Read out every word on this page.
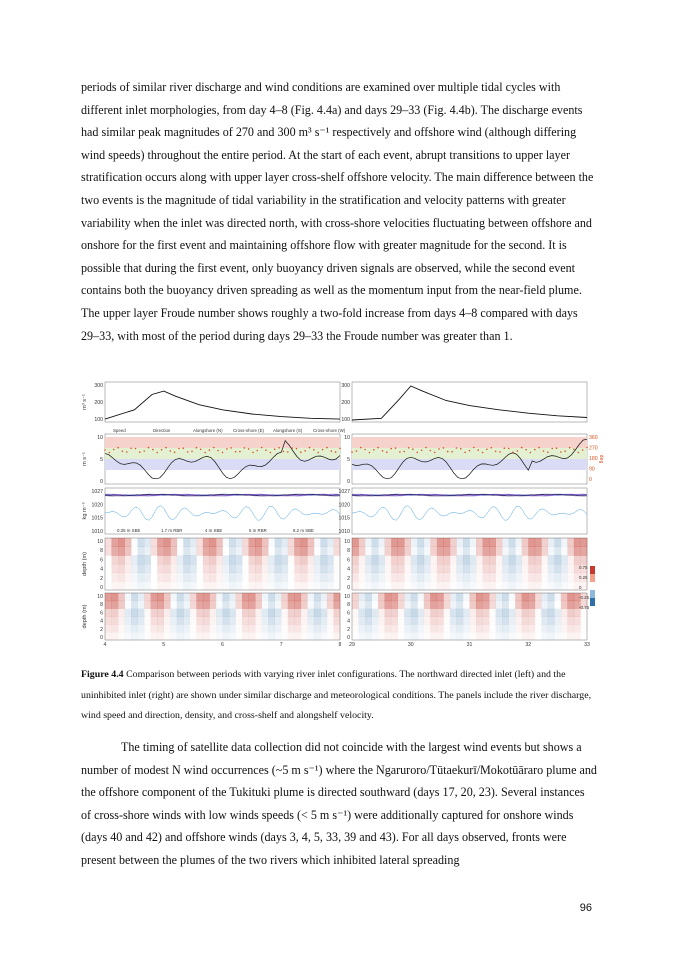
periods of similar river discharge and wind conditions are examined over multiple tidal cycles with different inlet morphologies, from day 4–8 (Fig. 4.4a) and days 29–33 (Fig. 4.4b). The discharge events had similar peak magnitudes of 270 and 300 m³ s⁻¹ respectively and offshore wind (although differing wind speeds) throughout the entire period. At the start of each event, abrupt transitions to upper layer stratification occurs along with upper layer cross-shelf offshore velocity. The main difference between the two events is the magnitude of tidal variability in the stratification and velocity patterns with greater variability when the inlet was directed north, with cross-shore velocities fluctuating between offshore and onshore for the first event and maintaining offshore flow with greater magnitude for the second. It is possible that during the first event, only buoyancy driven signals are observed, while the second event contains both the buoyancy driven spreading as well as the momentum input from the near-field plume. The upper layer Froude number shows roughly a two-fold increase from days 4–8 compared with days 29–33, with most of the period during days 29–33 the Froude number was greater than 1.

300
200
100
300
200
100
10
5
0
10
5
0
1027
1020
1015
1010
1027
1020
1015
1010
10
8
6
4
2
0
10
8
6
4
2
0
10
8
6
4
2
0
10
8
6
4
2
0
m³ s⁻¹
m s⁻¹
kg m⁻³
depth (m)
depth (m)
360
270
180
90
0
deg
Speed	Direction	Alongshore (N) Cross-shore (E) Alongshore (S) Cross-shore (W)
0.35 m SBE	1.7 m RBR	4 m SBE	5 m RBR	8.2 m SBE
0.75
0.25
0
-0.25
-0.75
4	5	6	7	8 29	30	31	32	33

Figure 4.4 Comparison between periods with varying river inlet configurations. The northward directed inlet (left) and the uninhibited inlet (right) are shown under similar discharge and meteorological conditions. The panels include the river discharge, wind speed and direction, density, and cross-shelf and alongshelf velocity.

The timing of satellite data collection did not coincide with the largest wind events but shows a number of modest N wind occurrences (~5 m s⁻¹) where the Ngaruroro/Tūtaekurī/Mokotūāraro plume and the offshore component of the Tukituki plume is directed southward (days 17, 20, 23). Several instances of cross-shore winds with low winds speeds (< 5 m s⁻¹) were additionally captured for onshore winds (days 40 and 42) and offshore winds (days 3, 4, 5, 33, 39 and 43). For all days observed, fronts were present between the plumes of the two rivers which inhibited lateral spreading

96
